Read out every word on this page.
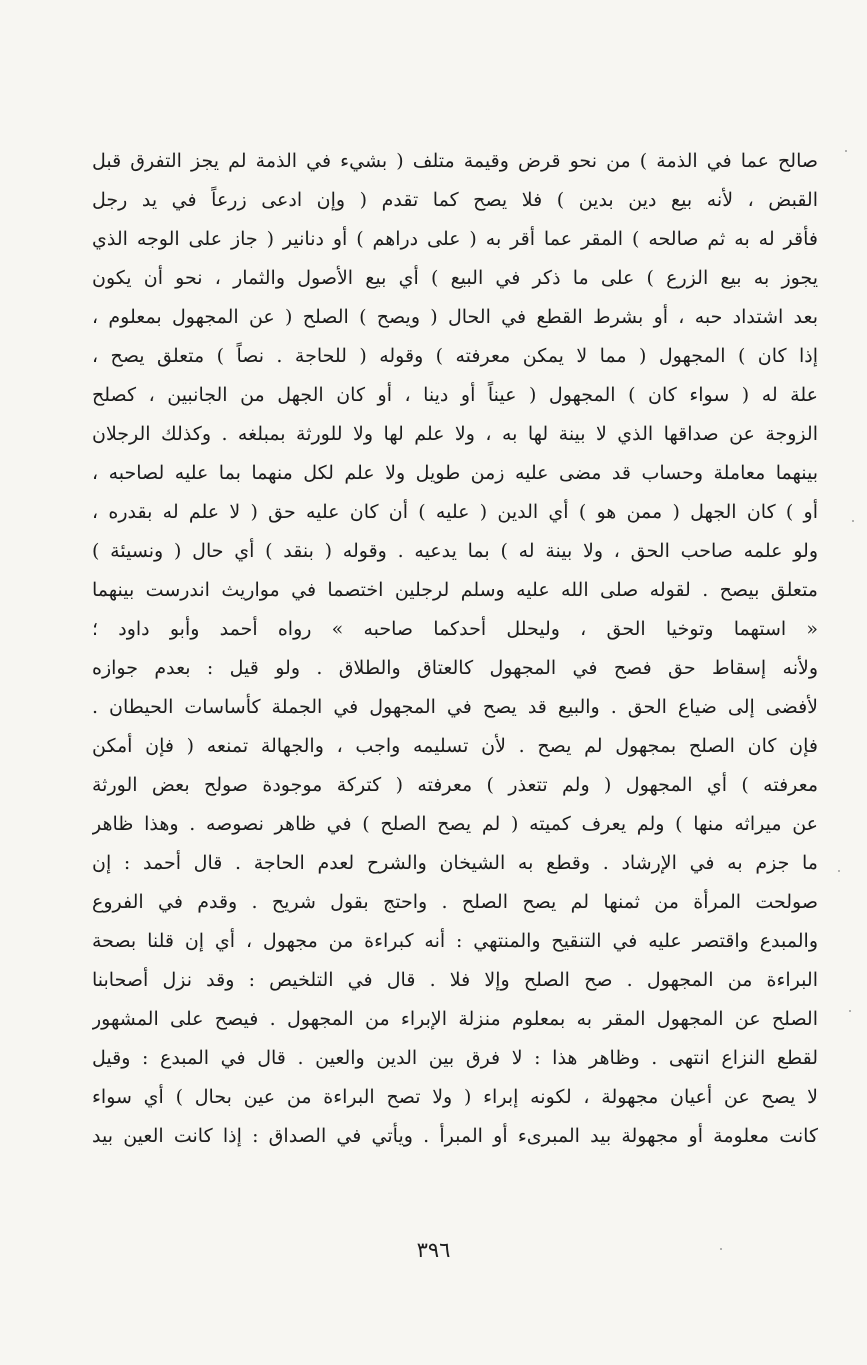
صالح عما في الذمة ) من نحو قرض وقيمة متلف ( بشيء في الذمة لم يجز التفرق قبل
القبض ، لأنه بيع دين بدين ) فلا يصح كما تقدم ( وإن ادعى زرعاً في يد رجل
فأقر له به ثم صالحه ) المقر عما أقر به ( على دراهم ) أو دنانير ( جاز على الوجه الذي
يجوز به بيع الزرع ) على ما ذكر في البيع ) أي بيع الأصول والثمار ، نحو أن يكون
بعد اشتداد حبه ، أو بشرط القطع في الحال ( ويصح ) الصلح ( عن المجهول بمعلوم ،
إذا كان ) المجهول ( مما لا يمكن معرفته ) وقوله ( للحاجة . نصاً ) متعلق يصح ،
علة له ( سواء كان ) المجهول ( عيناً أو دينا ، أو كان الجهل من الجانبين ، كصلح
الزوجة عن صداقها الذي لا بينة لها به ، ولا علم لها ولا للورثة بمبلغه . وكذلك الرجلان
بينهما معاملة وحساب قد مضى عليه زمن طويل ولا علم لكل منهما بما عليه لصاحبه ،
أو ) كان الجهل ( ممن هو ) أي الدين ( عليه ) أن كان عليه حق ( لا علم له بقدره ،
ولو علمه صاحب الحق ، ولا بينة له ) بما يدعيه . وقوله ( بنقد ) أي حال ( ونسيئة )
متعلق بيصح . لقوله صلى الله عليه وسلم لرجلين اختصما في مواريث اندرست بينهما
« استهما وتوخيا الحق ، وليحلل أحدكما صاحبه » رواه أحمد وأبو داود ؛
ولأنه إسقاط حق فصح في المجهول كالعتاق والطلاق . ولو قيل : بعدم جوازه
لأفضى إلى ضياع الحق . والبيع قد يصح في المجهول في الجملة كأساسات الحيطان .
فإن كان الصلح بمجهول لم يصح . لأن تسليمه واجب ، والجهالة تمنعه ( فإن أمكن
معرفته ) أي المجهول ( ولم تتعذر ) معرفته ( كتركة موجودة صولح بعض الورثة
عن ميراثه منها ) ولم يعرف كميته ( لم يصح الصلح ) في ظاهر نصوصه . وهذا ظاهر
ما جزم به في الإرشاد . وقطع به الشيخان والشرح لعدم الحاجة . قال أحمد : إن
صولحت المرأة من ثمنها لم يصح الصلح . واحتج بقول شريح . وقدم في الفروع
والمبدع واقتصر عليه في التنقيح والمنتهي : أنه كبراءة من مجهول ، أي إن قلنا بصحة
البراءة من المجهول . صح الصلح وإلا فلا . قال في التلخيص : وقد نزل أصحابنا
الصلح عن المجهول المقر به بمعلوم منزلة الإبراء من المجهول . فيصح على المشهور
لقطع النزاع انتهى . وظاهر هذا : لا فرق بين الدين والعين . قال في المبدع : وقيل
لا يصح عن أعيان مجهولة ، لكونه إبراء ( ولا تصح البراءة من عين بحال ) أي سواء
كانت معلومة أو مجهولة بيد المبرىء أو المبرأ . ويأتي في الصداق : إذا كانت العين بيد
٣٩٦
